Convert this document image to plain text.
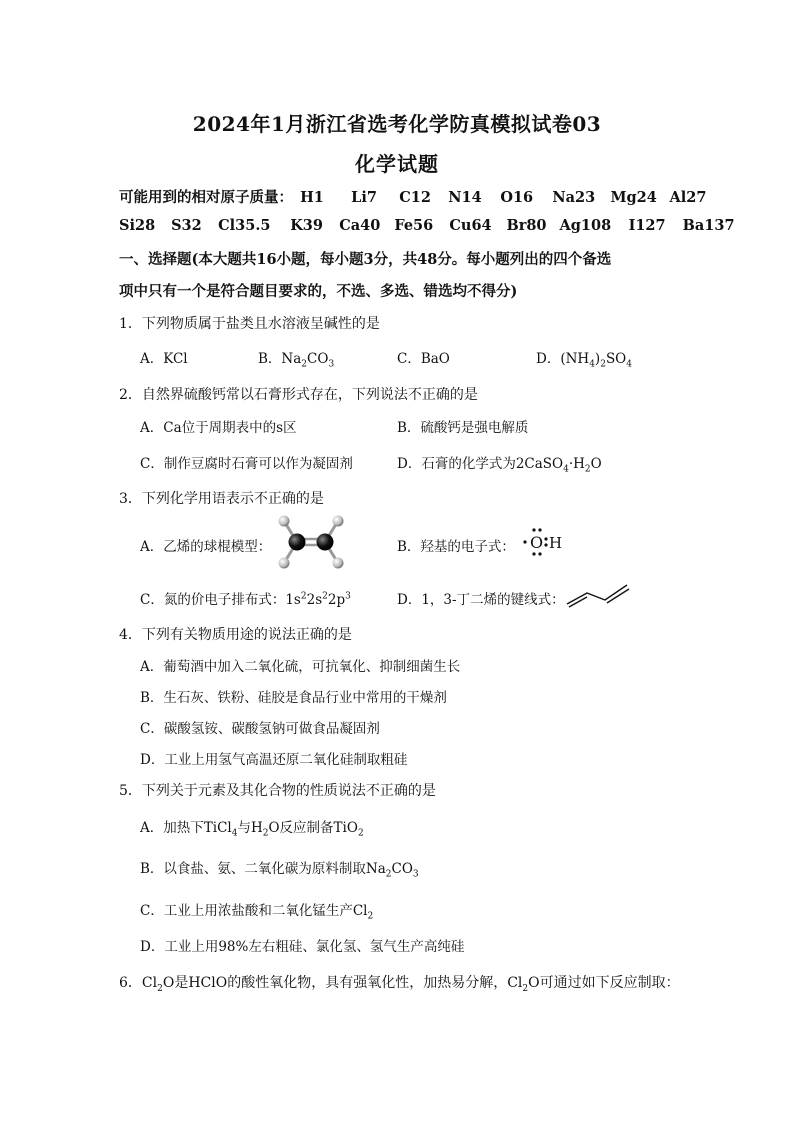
2024年1月浙江省选考化学防真模拟试卷03
化学试题
可能用到的相对原子质量： H1 Li7 C12 N14 O16 Na23 Mg24 Al27
Si28 S32 Cl35.5 K39 Ca40 Fe56 Cu64 Br80 Ag108 I127 Ba137
一、选择题(本大题共16小题，每小题3分，共48分。每小题列出的四个备选
项中只有一个是符合题目要求的，不选、多选、错选均不得分)
1．下列物质属于盐类且水溶液呈碱性的是
A．KCl	B．$Na_2CO_3$	C．BaO	D．$(NH_4)_2SO_4$
2．自然界硫酸钙常以石膏形式存在，下列说法不正确的是
A．Ca位于周期表中的s区	B．硫酸钙是强电解质
C．制作豆腐时石膏可以作为凝固剂	D．石膏的化学式为$2CaSO_4\cdot H_2O$
3．下列化学用语表示不正确的是
A．乙烯的球棍模型：	B．羟基的电子式： O H
C．氮的价电子排布式：$1s^22s^22p^3$	D．1，3-丁二烯的键线式：
4．下列有关物质用途的说法正确的是
A．葡萄酒中加入二氧化硫，可抗氧化、抑制细菌生长
B．生石灰、铁粉、硅胶是食品行业中常用的干燥剂
C．碳酸氢铵、碳酸氢钠可做食品凝固剂
D．工业上用氢气高温还原二氧化硅制取粗硅
5．下列关于元素及其化合物的性质说法不正确的是
A．加热下TiCl$_4$与$H_2O$反应制备TiO$_2$
B．以食盐、氨、二氧化碳为原料制取$Na_2CO_3$
C．工业上用浓盐酸和二氧化锰生产$Cl_2$
D．工业上用98%左右粗硅、氯化氢、氢气生产高纯硅
6．$Cl_2O$是HClO的酸性氧化物，具有强氧化性，加热易分解，$Cl_2O$可通过如下反应制取：
